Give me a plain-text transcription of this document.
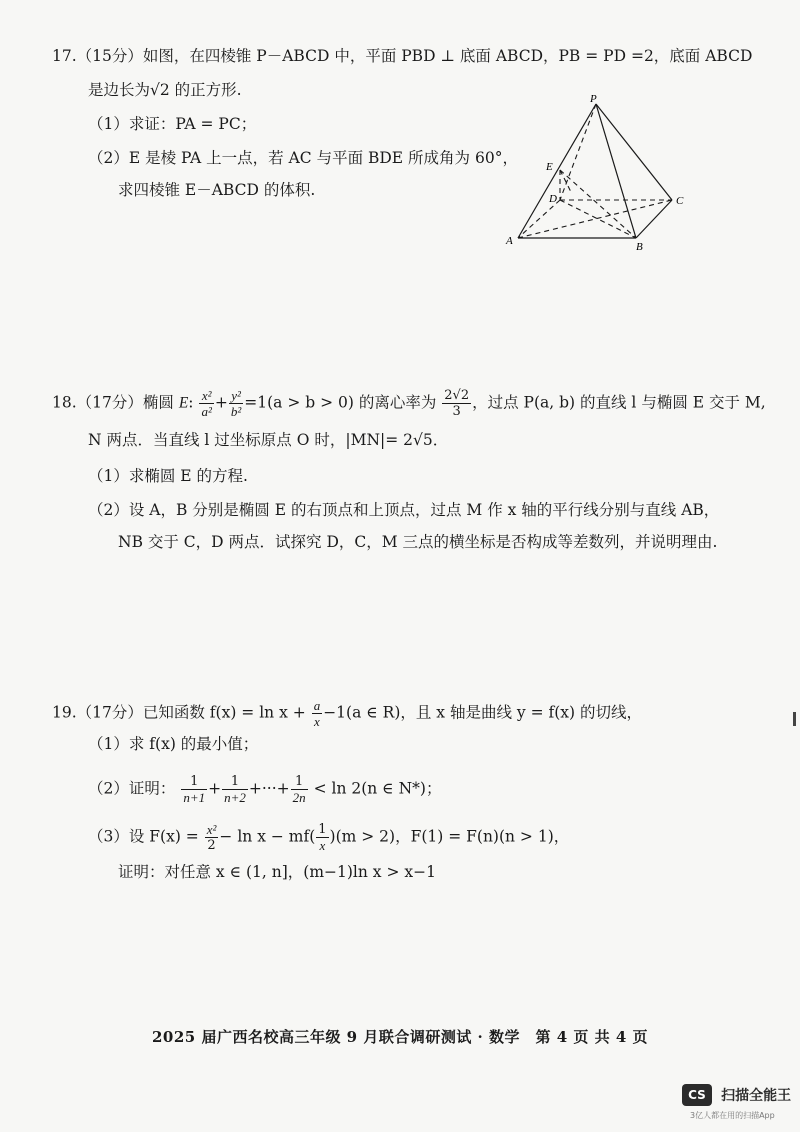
17.（15分）如图，在四棱锥 P－ABCD 中，平面 PBD ⊥ 底面 ABCD，PB = PD =2，底面 ABCD
是边长为√2 的正方形.
（1）求证：PA = PC；
（2）E 是棱 PA 上一点，若 AC 与平面 BDE 所成角为 60°，
求四棱锥 E－ABCD 的体积.
P
E
D	C
A	B
18.（17分）椭圆 E: $\frac{\text{x²}}{\text{a²}} + \frac{\text{y²}}{\text{b²}} =1(a > b > 0)$ 的离心率为 $\frac{2√2}{3}$ ，过点 P(a, b) 的直线 l 与椭圆 E 交于 M,
N 两点．当直线 l 过坐标原点 O 时，|MN|= 2√5．
（1）求椭圆 E 的方程.
（2）设 A，B 分别是椭圆 E 的右顶点和上顶点，过点 M 作 x 轴的平行线分别与直线 AB，
NB 交于 C，D 两点．试探究 D，C，M 三点的横坐标是否构成等差数列，并说明理由.
19.（17分）已知函数 $f(x) = \ln x + \frac{a}{x} -1(a$ ∈ R)，且 x 轴是曲线 y = f(x) 的切线，
（1）求 f(x) 的最小值；
（2）证明： $\frac{1}{n+1} + \frac{1}{n+2}$ +···+ $\frac{1}{2n} < \ln 2(n$ ∈ N*)；
（3）设 $F(x) = \frac{\text{x²}}{2} - \ln x - mf( \frac{1}{x} )(m > 2)$，F(1) = F(n)(n > 1)，
证明：对任意 x ∈ (1, n]，(m−1)ln x > x−1
2025 届广西名校高三年级 9 月联合调研测试 · 数学　第 4 页 共 4 页
CS 扫描全能王
3亿人都在用的扫描App
